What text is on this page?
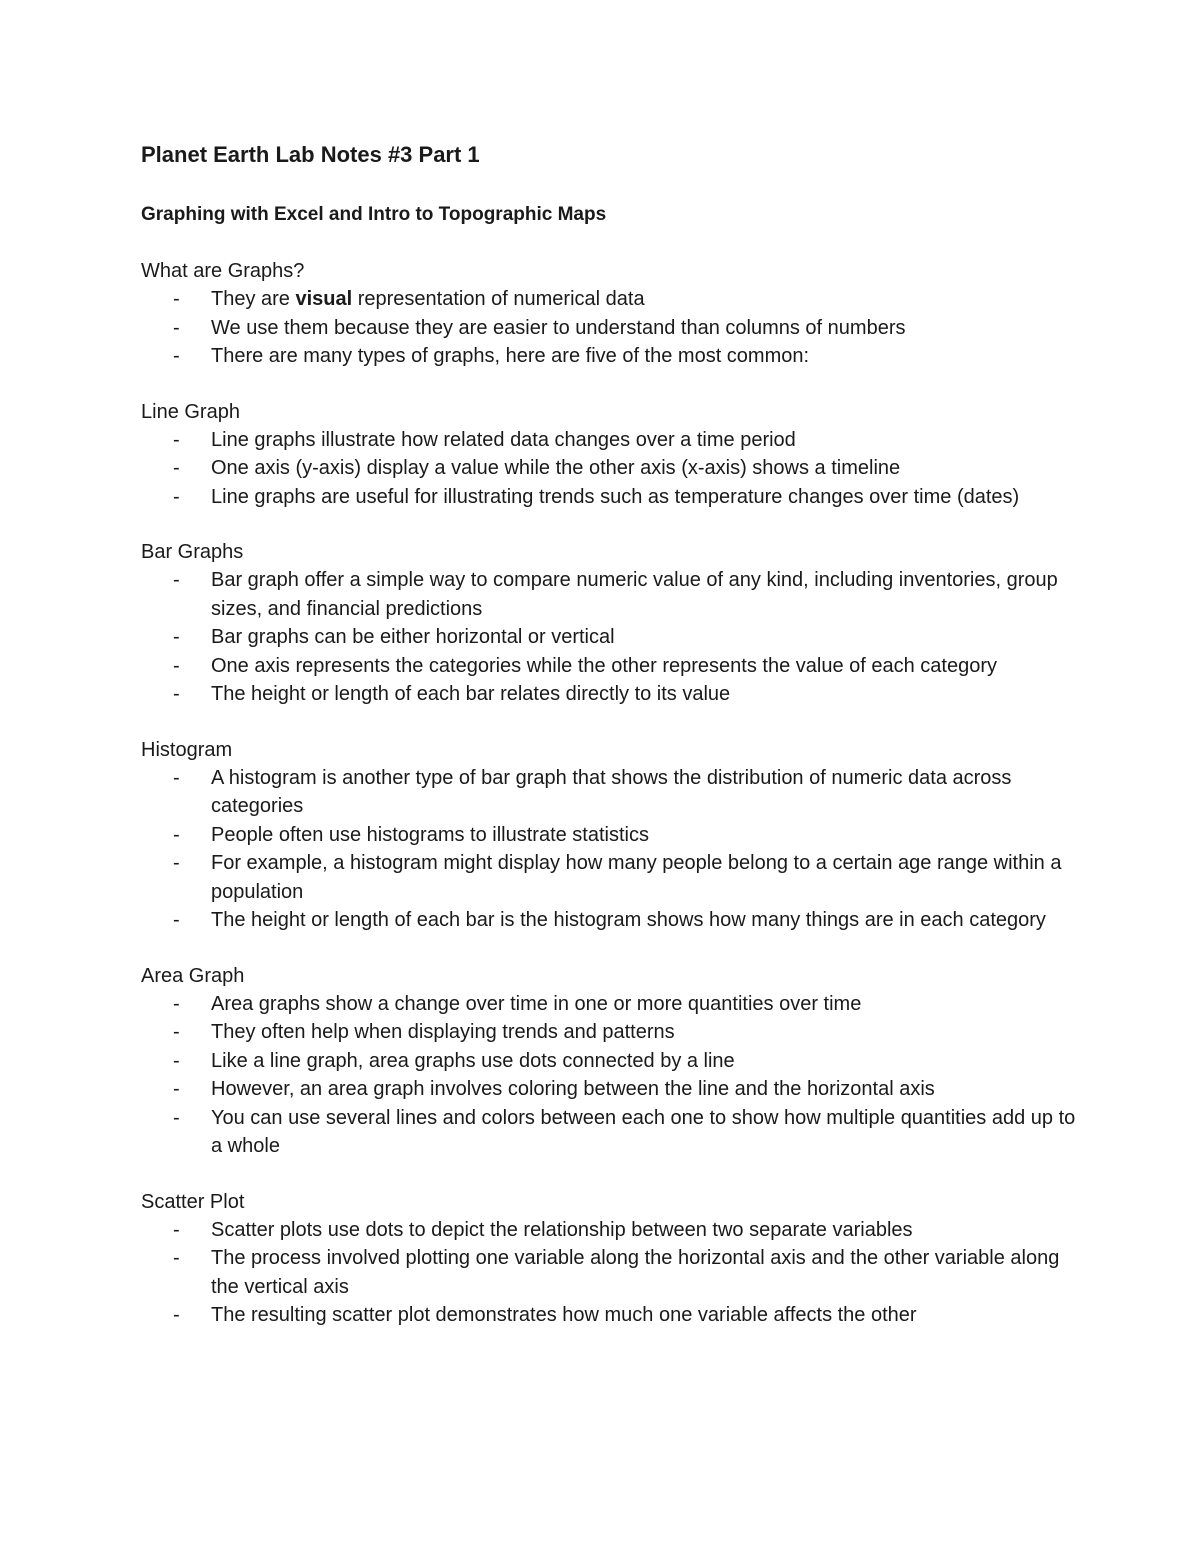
Planet Earth Lab Notes #3 Part 1
Graphing with Excel and Intro to Topographic Maps

What are Graphs?

-	They are visual representation of numerical data
-	We use them because they are easier to understand than columns of numbers
-	There are many types of graphs, here are five of the most common:

Line Graph

-	Line graphs illustrate how related data changes over a time period
-	One axis (y-axis) display a value while the other axis (x-axis) shows a timeline
-	Line graphs are useful for illustrating trends such as temperature changes over time (dates)

Bar Graphs

-	Bar graph offer a simple way to compare numeric value of any kind, including inventories, group sizes, and financial predictions
-	Bar graphs can be either horizontal or vertical
-	One axis represents the categories while the other represents the value of each category
-	The height or length of each bar relates directly to its value

Histogram

-	A histogram is another type of bar graph that shows the distribution of numeric data across categories
-	People often use histograms to illustrate statistics
-	For example, a histogram might display how many people belong to a certain age range within a population
-	The height or length of each bar is the histogram shows how many things are in each category

Area Graph

-	Area graphs show a change over time in one or more quantities over time
-	They often help when displaying trends and patterns
-	Like a line graph, area graphs use dots connected by a line
-	However, an area graph involves coloring between the line and the horizontal axis
-	You can use several lines and colors between each one to show how multiple quantities add up to a whole

Scatter Plot

-	Scatter plots use dots to depict the relationship between two separate variables
-	The process involved plotting one variable along the horizontal axis and the other variable along the vertical axis
-	The resulting scatter plot demonstrates how much one variable affects the other
